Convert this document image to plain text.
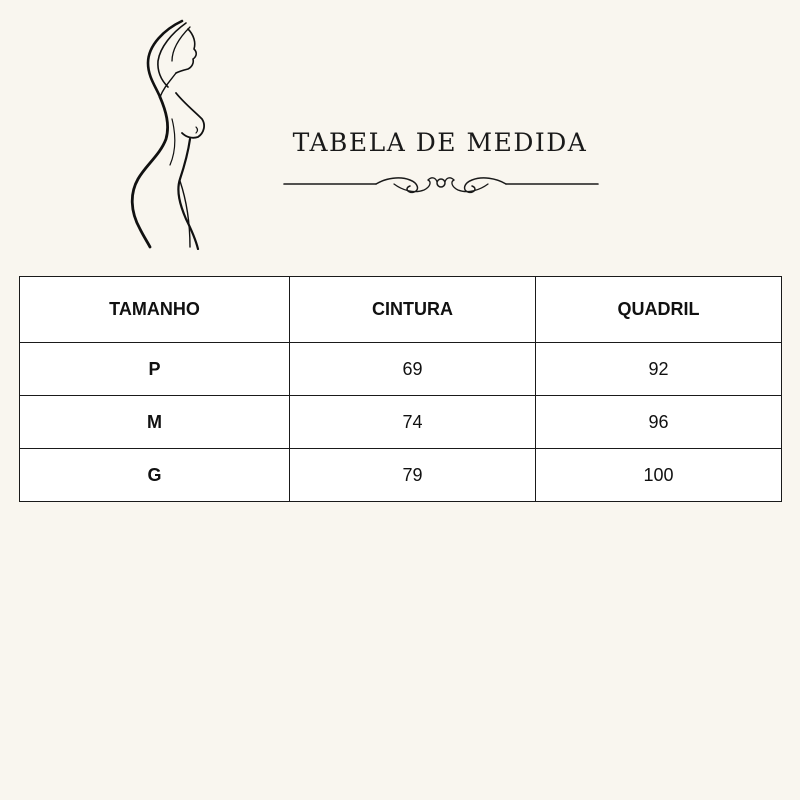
TABELA DE MEDIDA
TAMANHO	CINTURA	QUADRIL
P	69	92
M	74	96
G	79	100
